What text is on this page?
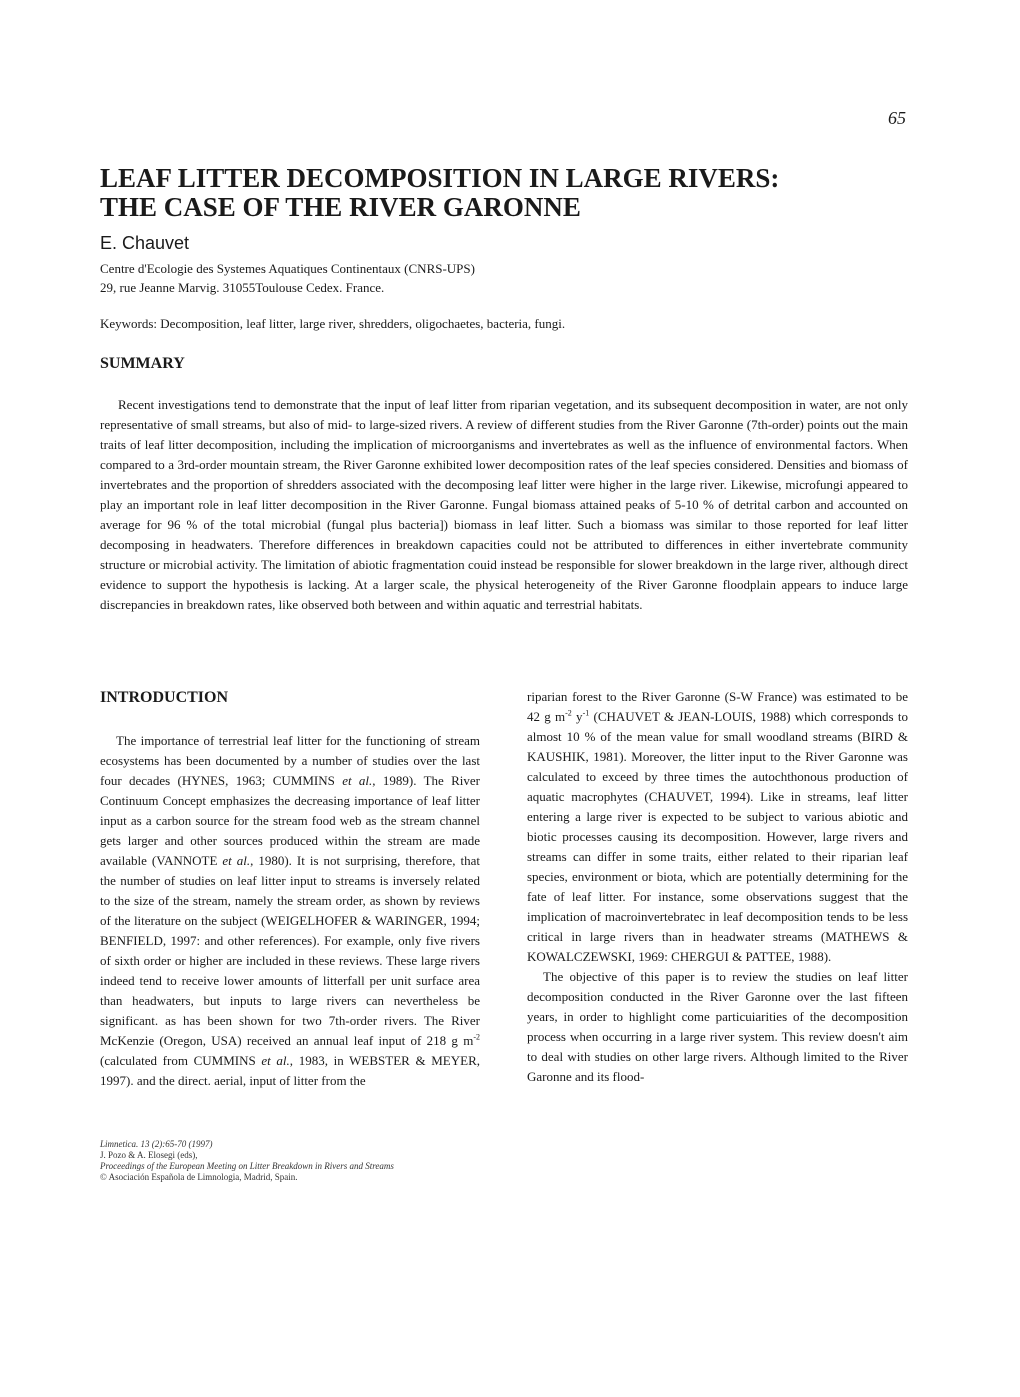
65
LEAF LITTER DECOMPOSITION IN LARGE RIVERS:
THE CASE OF THE RIVER GARONNE
E. Chauvet
Centre d'Ecologie des Systemes Aquatiques Continentaux (CNRS-UPS)
29, rue Jeanne Marvig. 31055Toulouse Cedex. France.
Keywords: Decomposition, leaf litter, large river, shredders, oligochaetes, bacteria, fungi.
SUMMARY
Recent investigations tend to demonstrate that the input of leaf litter from riparian vegetation, and its subsequent decomposition in water, are not only representative of small streams, but also of mid- to large-sized rivers. A review of different studies from the River Garonne (7th-order) points out the main traits of leaf litter decomposition, including the implication of microorganisms and invertebrates as well as the influence of environmental factors. When compared to a 3rd-order mountain stream, the River Garonne exhibited lower decomposition rates of the leaf species considered. Densities and biomass of invertebrates and the proportion of shredders associated with the decomposing leaf litter were higher in the large river. Likewise, microfungi appeared to play an important role in leaf litter decomposition in the River Garonne. Fungal biomass attained peaks of 5-10 % of detrital carbon and accounted on average for 96 % of the total microbial (fungal plus bacteria]) biomass in leaf litter. Such a biomass was similar to those reported for leaf litter decomposing in headwaters. Therefore differences in breakdown capacities could not be attributed to differences in either invertebrate community structure or microbial activity. The limitation of abiotic fragmentation couid instead be responsible for slower breakdown in the large river, although direct evidence to support the hypothesis is lacking. At a larger scale, the physical heterogeneity of the River Garonne floodplain appears to induce large discrepancies in breakdown rates, like observed both between and within aquatic and terrestrial habitats.
INTRODUCTION

The importance of terrestrial leaf litter for the functioning of stream ecosystems has been documented by a number of studies over the last four decades (HYNES, 1963; CUMMINS et al., 1989). The River Continuum Concept emphasizes the decreasing importance of leaf litter input as a carbon source for the stream food web as the stream channel gets larger and other sources produced within the stream are made available (VANNOTE et al., 1980). It is not surprising, therefore, that the number of studies on leaf litter input to streams is inversely related to the size of the stream, namely the stream order, as shown by reviews of the literature on the subject (WEIGELHOFER & WARINGER, 1994; BENFIELD, 1997: and other references). For example, only five rivers of sixth order or higher are included in these reviews. These large rivers indeed tend to receive lower amounts of litterfall per unit surface area than headwaters, but inputs to large rivers can nevertheless be significant. as has been shown for two 7th-order rivers. The River McKenzie (Oregon, USA) received an annual leaf input of 218 g $m^{-2}$ (calculated from CUMMINS et al., 1983, in WEBSTER & MEYER, 1997). and the direct. aerial, input of litter from the

riparian forest to the River Garonne (S-W France) was estimated to be 42 g $m^{-2}$ $y^{-1}$ (CHAUVET & JEAN-LOUIS, 1988) which corresponds to almost 10 % of the mean value for small woodland streams (BIRD & KAUSHIK, 1981). Moreover, the litter input to the River Garonne was calculated to exceed by three times the autochthonous production of aquatic macrophytes (CHAUVET, 1994). Like in streams, leaf litter entering a large river is expected to be subject to various abiotic and biotic processes causing its decomposition. However, large rivers and streams can differ in some traits, either related to their riparian leaf species, environment or biota, which are potentially determining for the fate of leaf litter. For instance, some observations suggest that the implication of macroinvertebratec in leaf decomposition tends to be less critical in large rivers than in headwater streams (MATHEWS & KOWALCZEWSKI, 1969: CHERGUI & PATTEE, 1988).

The objective of this paper is to review the studies on leaf litter decomposition conducted in the River Garonne over the last fifteen years, in order to highlight come particuiarities of the decomposition process when occurring in a large river system. This review doesn't aim to deal with studies on other large rivers. Although limited to the River Garonne and its flood-

Limnetica. 13 (2):65-70 (1997)
J. Pozo & A. Elosegi (eds),
Proceedings of the European Meeting on Litter Breakdown in Rivers and Streams
© Asociación Española de Limnologia, Madrid, Spain.
